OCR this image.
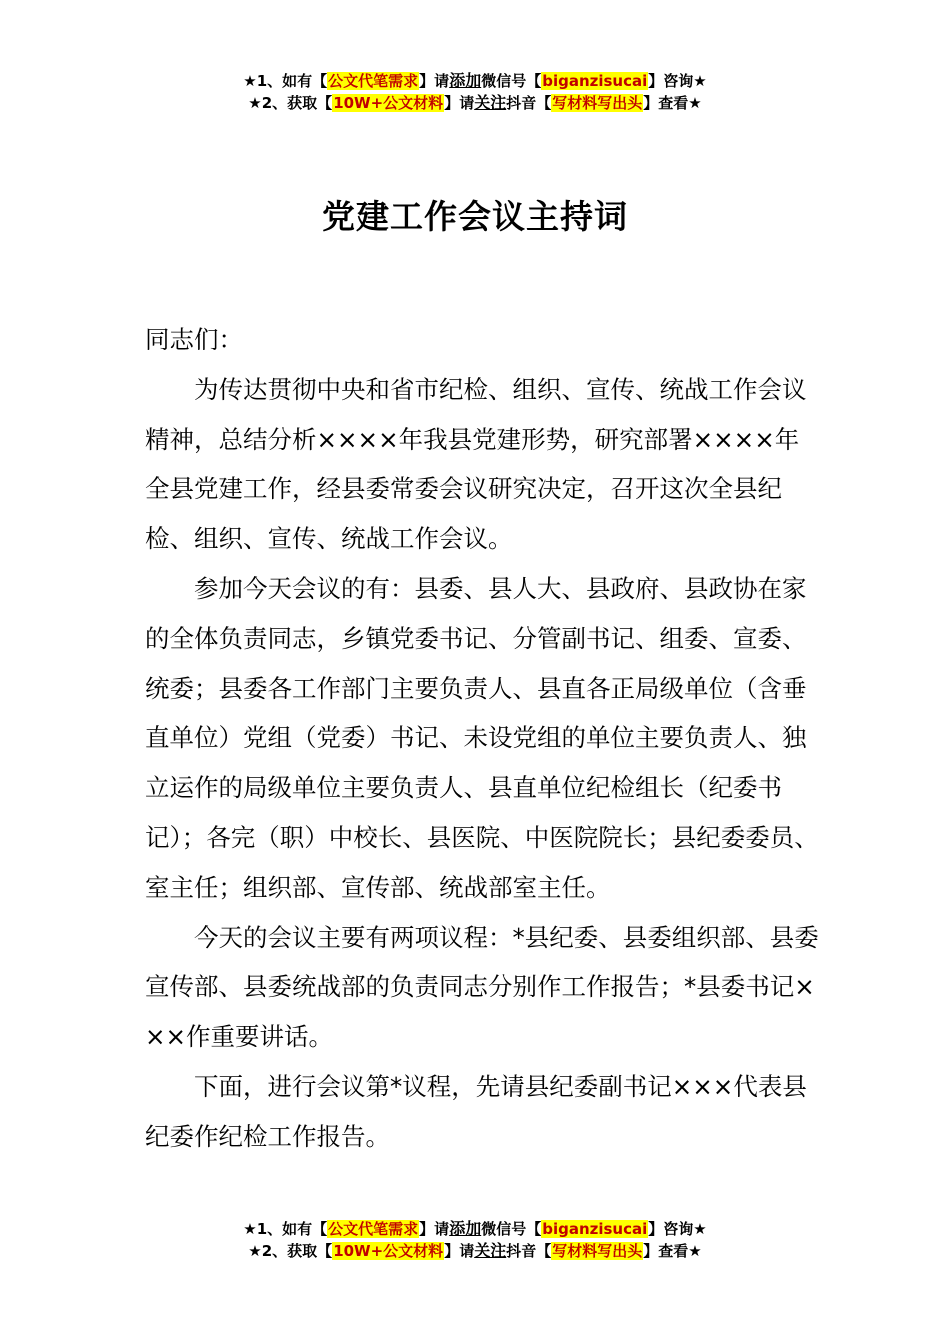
★1、如有【公文代笔需求】请添加微信号【biganzisucai】咨询★
★2、获取【10W+公文材料】请关注抖音【写材料写出头】查看★
党建工作会议主持词

同志们：

为传达贯彻中央和省市纪检、组织、宣传、统战工作会议精神，总结分析××××年我县党建形势，研究部署××××年全县党建工作，经县委常委会议研究决定，召开这次全县纪检、组织、宣传、统战工作会议。

参加今天会议的有：县委、县人大、县政府、县政协在家的全体负责同志，乡镇党委书记、分管副书记、组委、宣委、统委；县委各工作部门主要负责人、县直各正局级单位（含垂直单位）党组（党委）书记、未设党组的单位主要负责人、独立运作的局级单位主要负责人、县直单位纪检组长（纪委书记）；各完（职）中校长、县医院、中医院院长；县纪委委员、室主任；组织部、宣传部、统战部室主任。

今天的会议主要有两项议程：*县纪委、县委组织部、县委宣传部、县委统战部的负责同志分别作工作报告；*县委书记×××作重要讲话。

下面，进行会议第*议程，先请县纪委副书记×××代表县纪委作纪检工作报告。

★1、如有【公文代笔需求】请添加微信号【biganzisucai】咨询★
★2、获取【10W+公文材料】请关注抖音【写材料写出头】查看★
